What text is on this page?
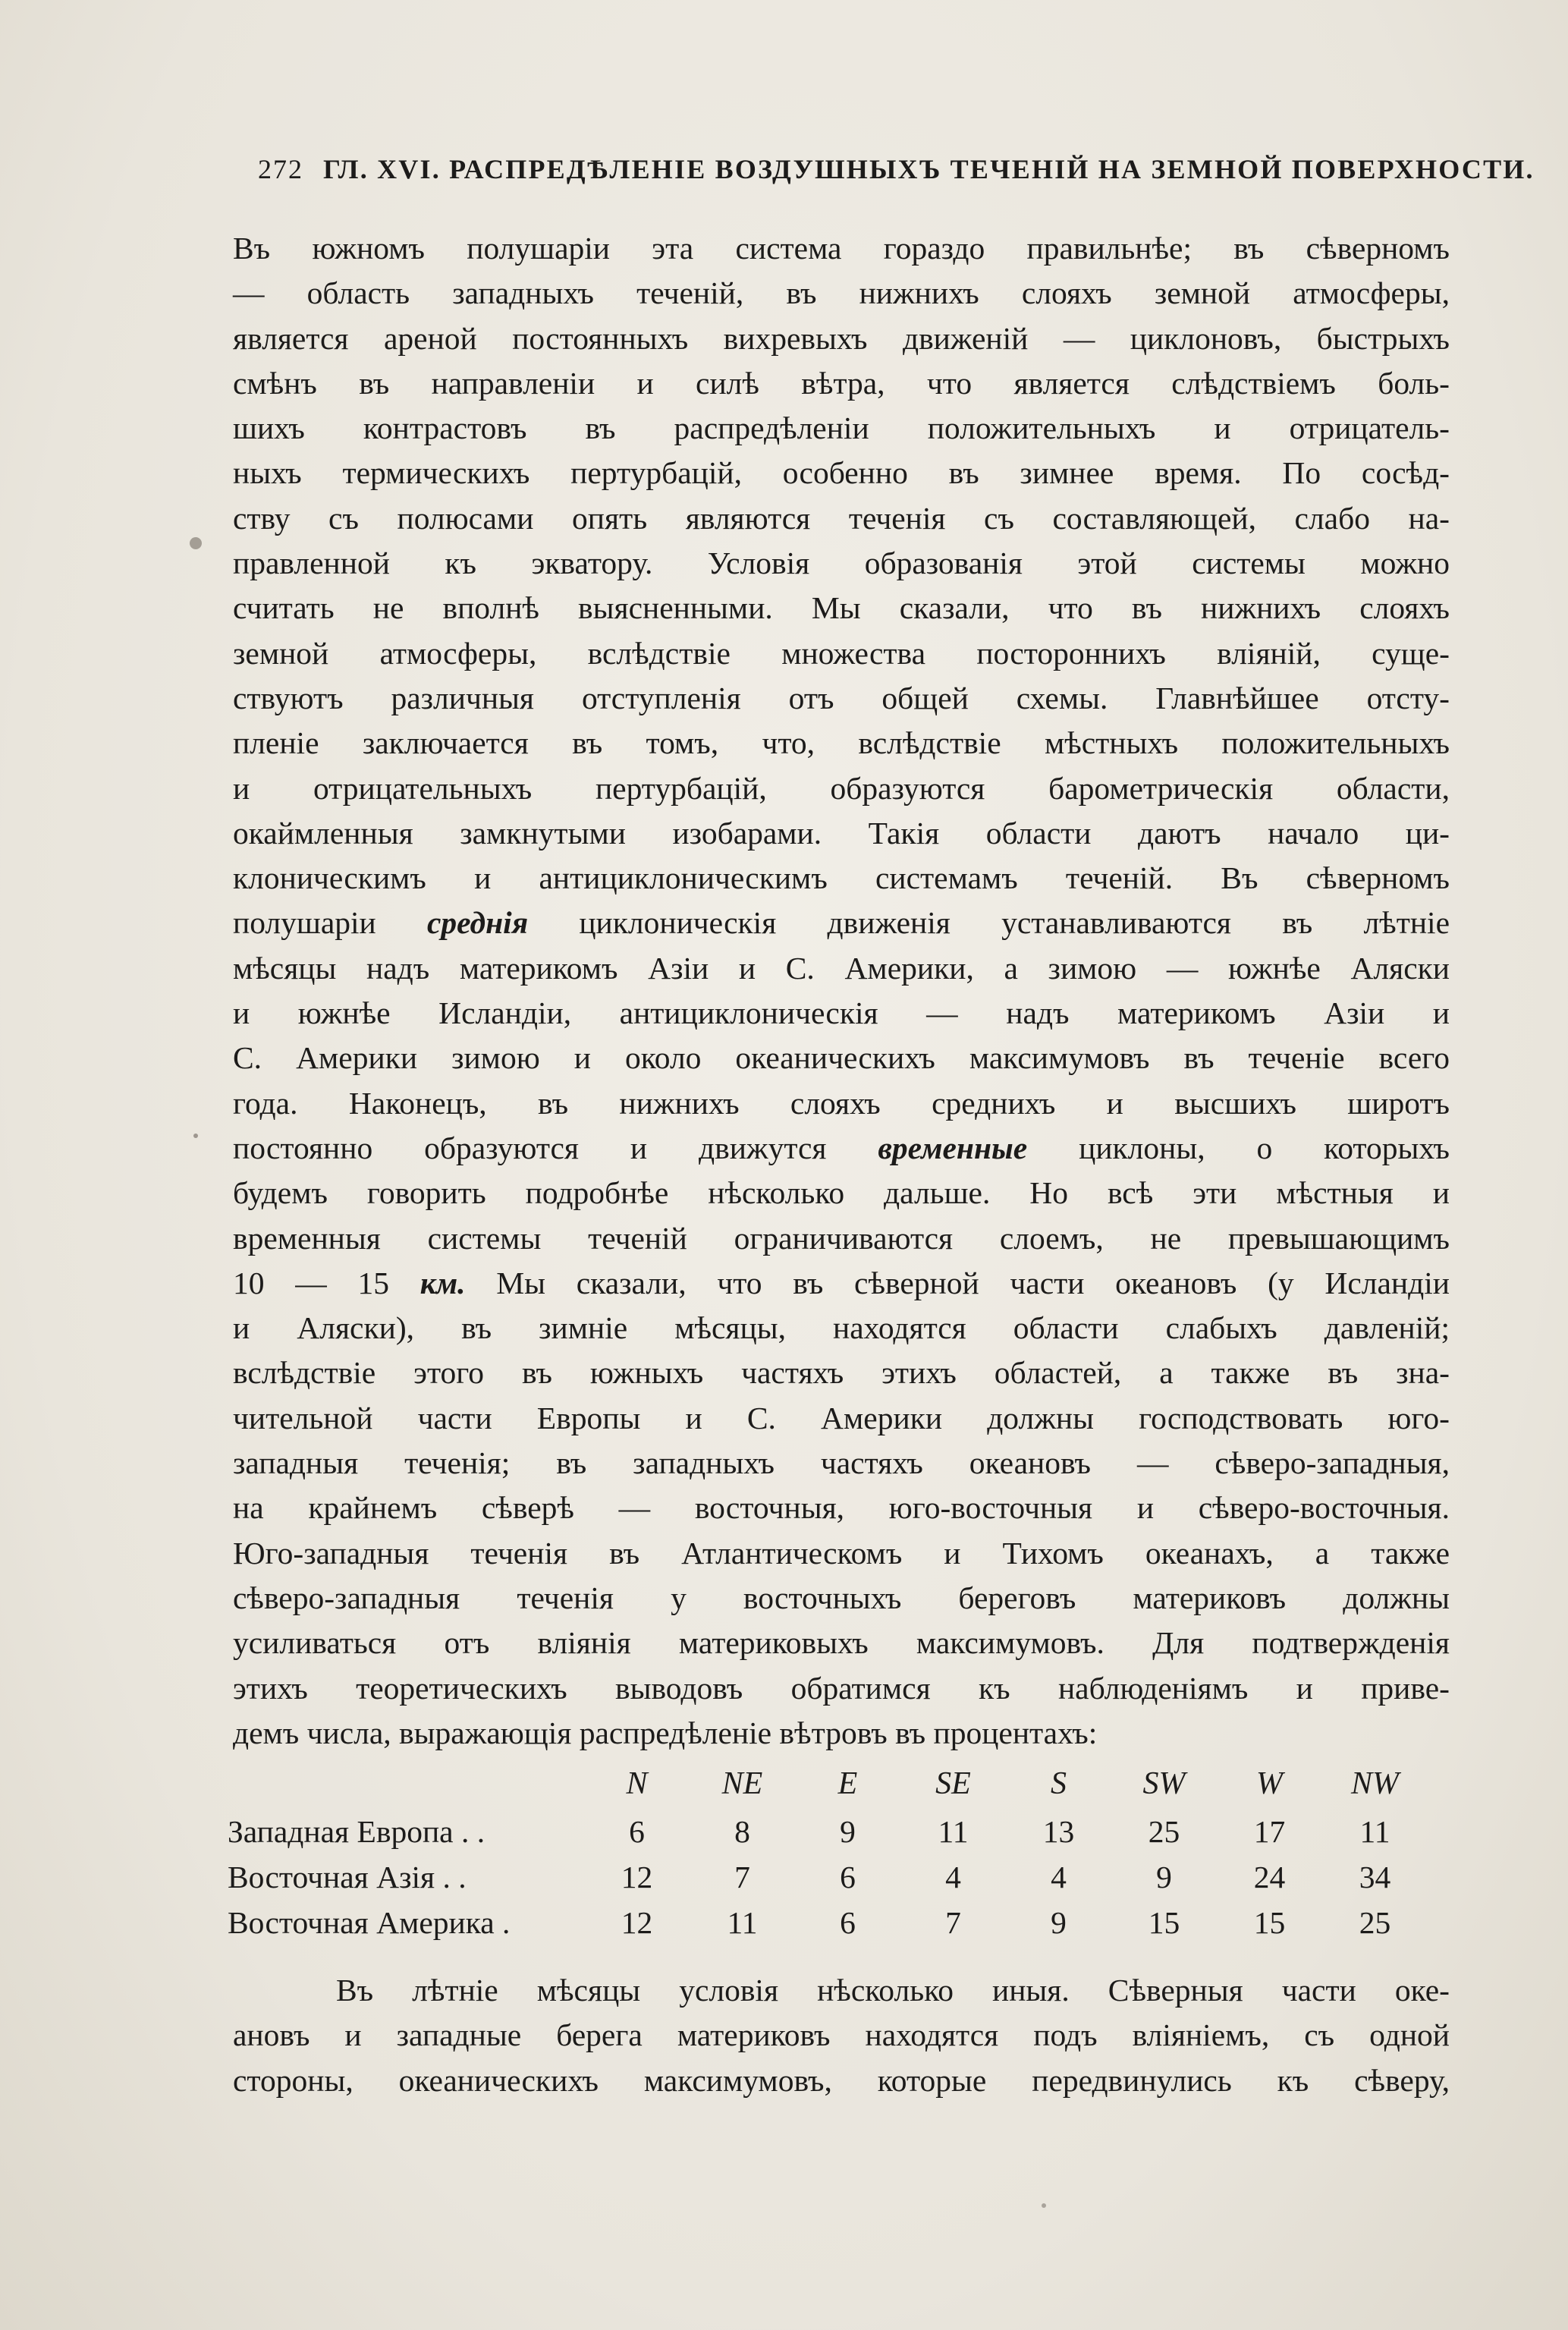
272 ГЛ. XVI. РАСПРЕДѢЛЕНІЕ ВОЗДУШНЫХЪ ТЕЧЕНІЙ НА ЗЕМНОЙ ПОВЕРХНОСТИ.
Въ южномъ полушаріи эта система гораздо правильнѣе; въ сѣверномъ
— область западныхъ теченій, въ нижнихъ слояхъ земной атмосферы,
является ареной постоянныхъ вихревыхъ движеній — циклоновъ, быстрыхъ
смѣнъ въ направленіи и силѣ вѣтра, что является слѣдствіемъ боль-
шихъ контрастовъ въ распредѣленіи положительныхъ и отрицатель-
ныхъ термическихъ пертурбацій, особенно въ зимнее время. По сосѣд-
ству съ полюсами опять являются теченія съ составляющей, слабо на-
правленной къ экватору. Условія образованія этой системы можно
считать не вполнѣ выясненными. Мы сказали, что въ нижнихъ слояхъ
земной атмосферы, вслѣдствіе множества постороннихъ вліяній, суще-
ствуютъ различныя отступленія отъ общей схемы. Главнѣйшее отсту-
пленіе заключается въ томъ, что, вслѣдствіе мѣстныхъ положительныхъ
и отрицательныхъ пертурбацій, образуются барометрическія области,
окаймленныя замкнутыми изобарами. Такія области даютъ начало ци-
клоническимъ и антициклоническимъ системамъ теченій. Въ сѣверномъ
полушаріи среднія циклоническія движенія устанавливаются въ лѣтніе
мѣсяцы надъ материкомъ Азіи и С. Америки, а зимою — южнѣе Аляски
и южнѣе Исландіи, антициклоническія — надъ материкомъ Азіи и
С. Америки зимою и около океаническихъ максимумовъ въ теченіе всего
года. Наконецъ, въ нижнихъ слояхъ среднихъ и высшихъ широтъ
постоянно образуются и движутся временные циклоны, о которыхъ
будемъ говорить подробнѣе нѣсколько дальше. Но всѣ эти мѣстныя и
временныя системы теченій ограничиваются слоемъ, не превышающимъ
10 — 15 км. Мы сказали, что въ сѣверной части океановъ (у Исландіи
и Аляски), въ зимніе мѣсяцы, находятся области слабыхъ давленій;
вслѣдствіе этого въ южныхъ частяхъ этихъ областей, а также въ зна-
чительной части Европы и С. Америки должны господствовать юго-
западныя теченія; въ западныхъ частяхъ океановъ — сѣверо-западныя,
на крайнемъ сѣверѣ — восточныя, юго-восточныя и сѣверо-восточныя.
Юго-западныя теченія въ Атлантическомъ и Тихомъ океанахъ, а также
сѣверо-западныя теченія у восточныхъ береговъ материковъ должны
усиливаться отъ вліянія материковыхъ максимумовъ. Для подтвержденія
этихъ теоретическихъ выводовъ обратимся къ наблюденіямъ и приве-
демъ числа, выражающія распредѣленіе вѣтровъ въ процентахъ:
	N	NE	E	SE	S	SW	W	NW
Западная Европа . .	6	8	9	11	13	25	17	11
Восточная Азія . .	12	7	6	4	4	9	24	34
Восточная Америка .	12	11	6	7	9	15	15	25
Въ лѣтніе мѣсяцы условія нѣсколько иныя. Сѣверныя части оке-
ановъ и западные берега материковъ находятся подъ вліяніемъ, съ одной
стороны, океаническихъ максимумовъ, которые передвинулись къ сѣверу,
